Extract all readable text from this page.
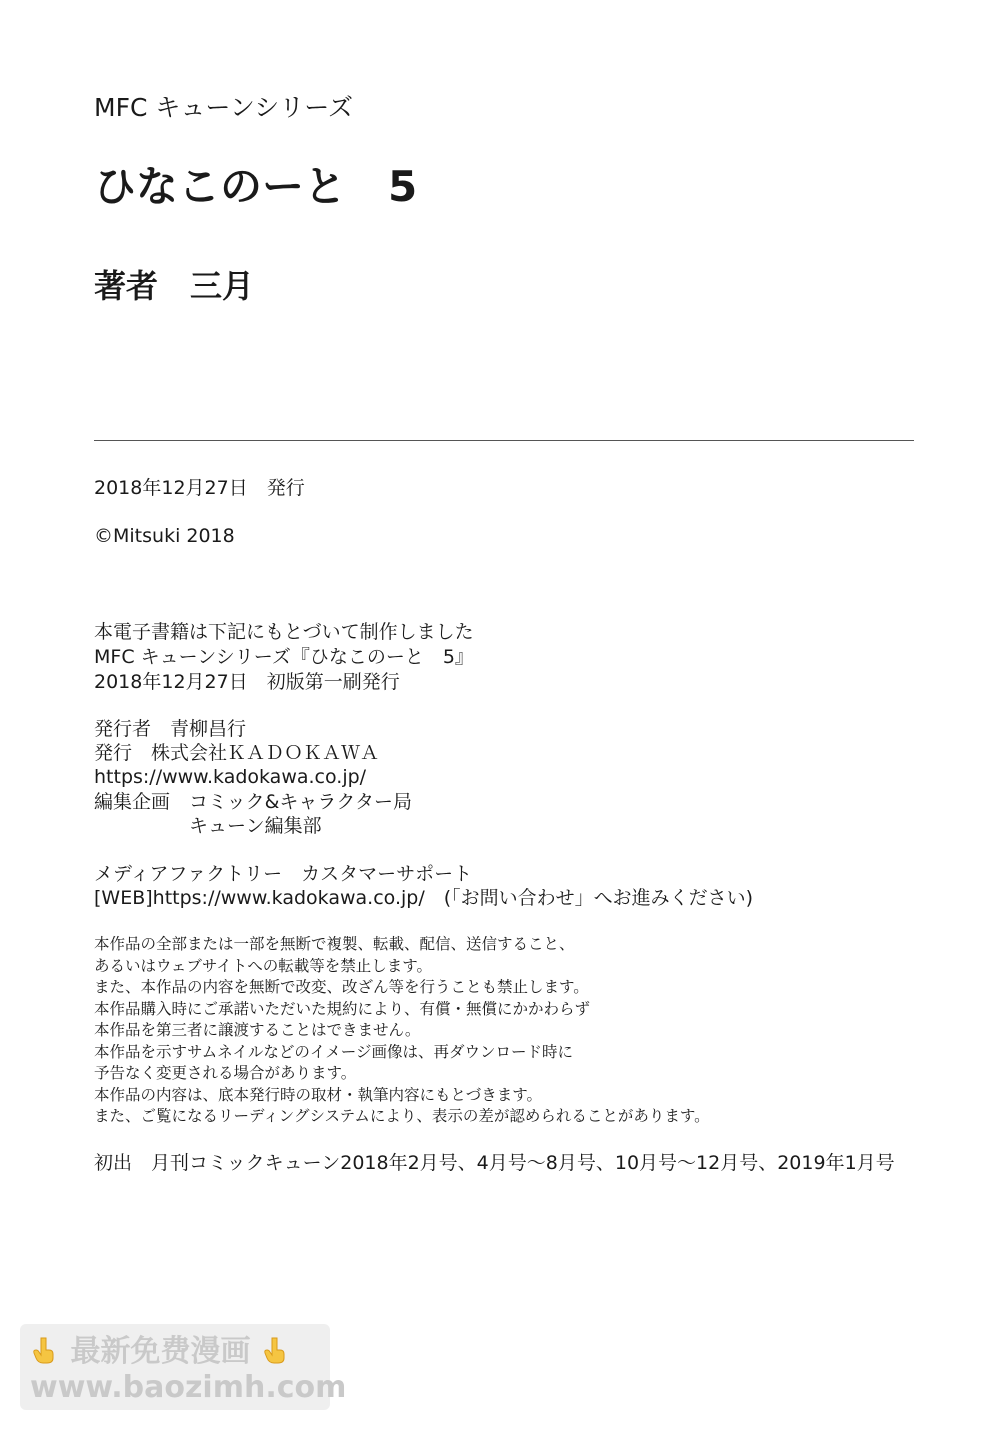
MFC キューンシリーズ
ひなこのーと　5
著者　三月
2018年12月27日　発行
©Mitsuki 2018
本電子書籍は下記にもとづいて制作しました
MFC キューンシリーズ『ひなこのーと　5』
2018年12月27日　初版第一刷発行
発行者　青柳昌行
発行　株式会社ＫＡＤＯＫＡＷＡ
https://www.kadokawa.co.jp/
編集企画　コミック&キャラクター局
　　　　　キューン編集部
メディアファクトリー　カスタマーサポート
[WEB]https://www.kadokawa.co.jp/　(「お問い合わせ」へお進みください)
本作品の全部または一部を無断で複製、転載、配信、送信すること、
あるいはウェブサイトへの転載等を禁止します。
また、本作品の内容を無断で改変、改ざん等を行うことも禁止します。
本作品購入時にご承諾いただいた規約により、有償・無償にかかわらず
本作品を第三者に譲渡することはできません。
本作品を示すサムネイルなどのイメージ画像は、再ダウンロード時に
予告なく変更される場合があります。
本作品の内容は、底本発行時の取材・執筆内容にもとづきます。
また、ご覧になるリーディングシステムにより、表示の差が認められることがあります。
初出　月刊コミックキューン2018年2月号、4月号～8月号、10月号～12月号、2019年1月号
最新免费漫画
www.baozimh.com
